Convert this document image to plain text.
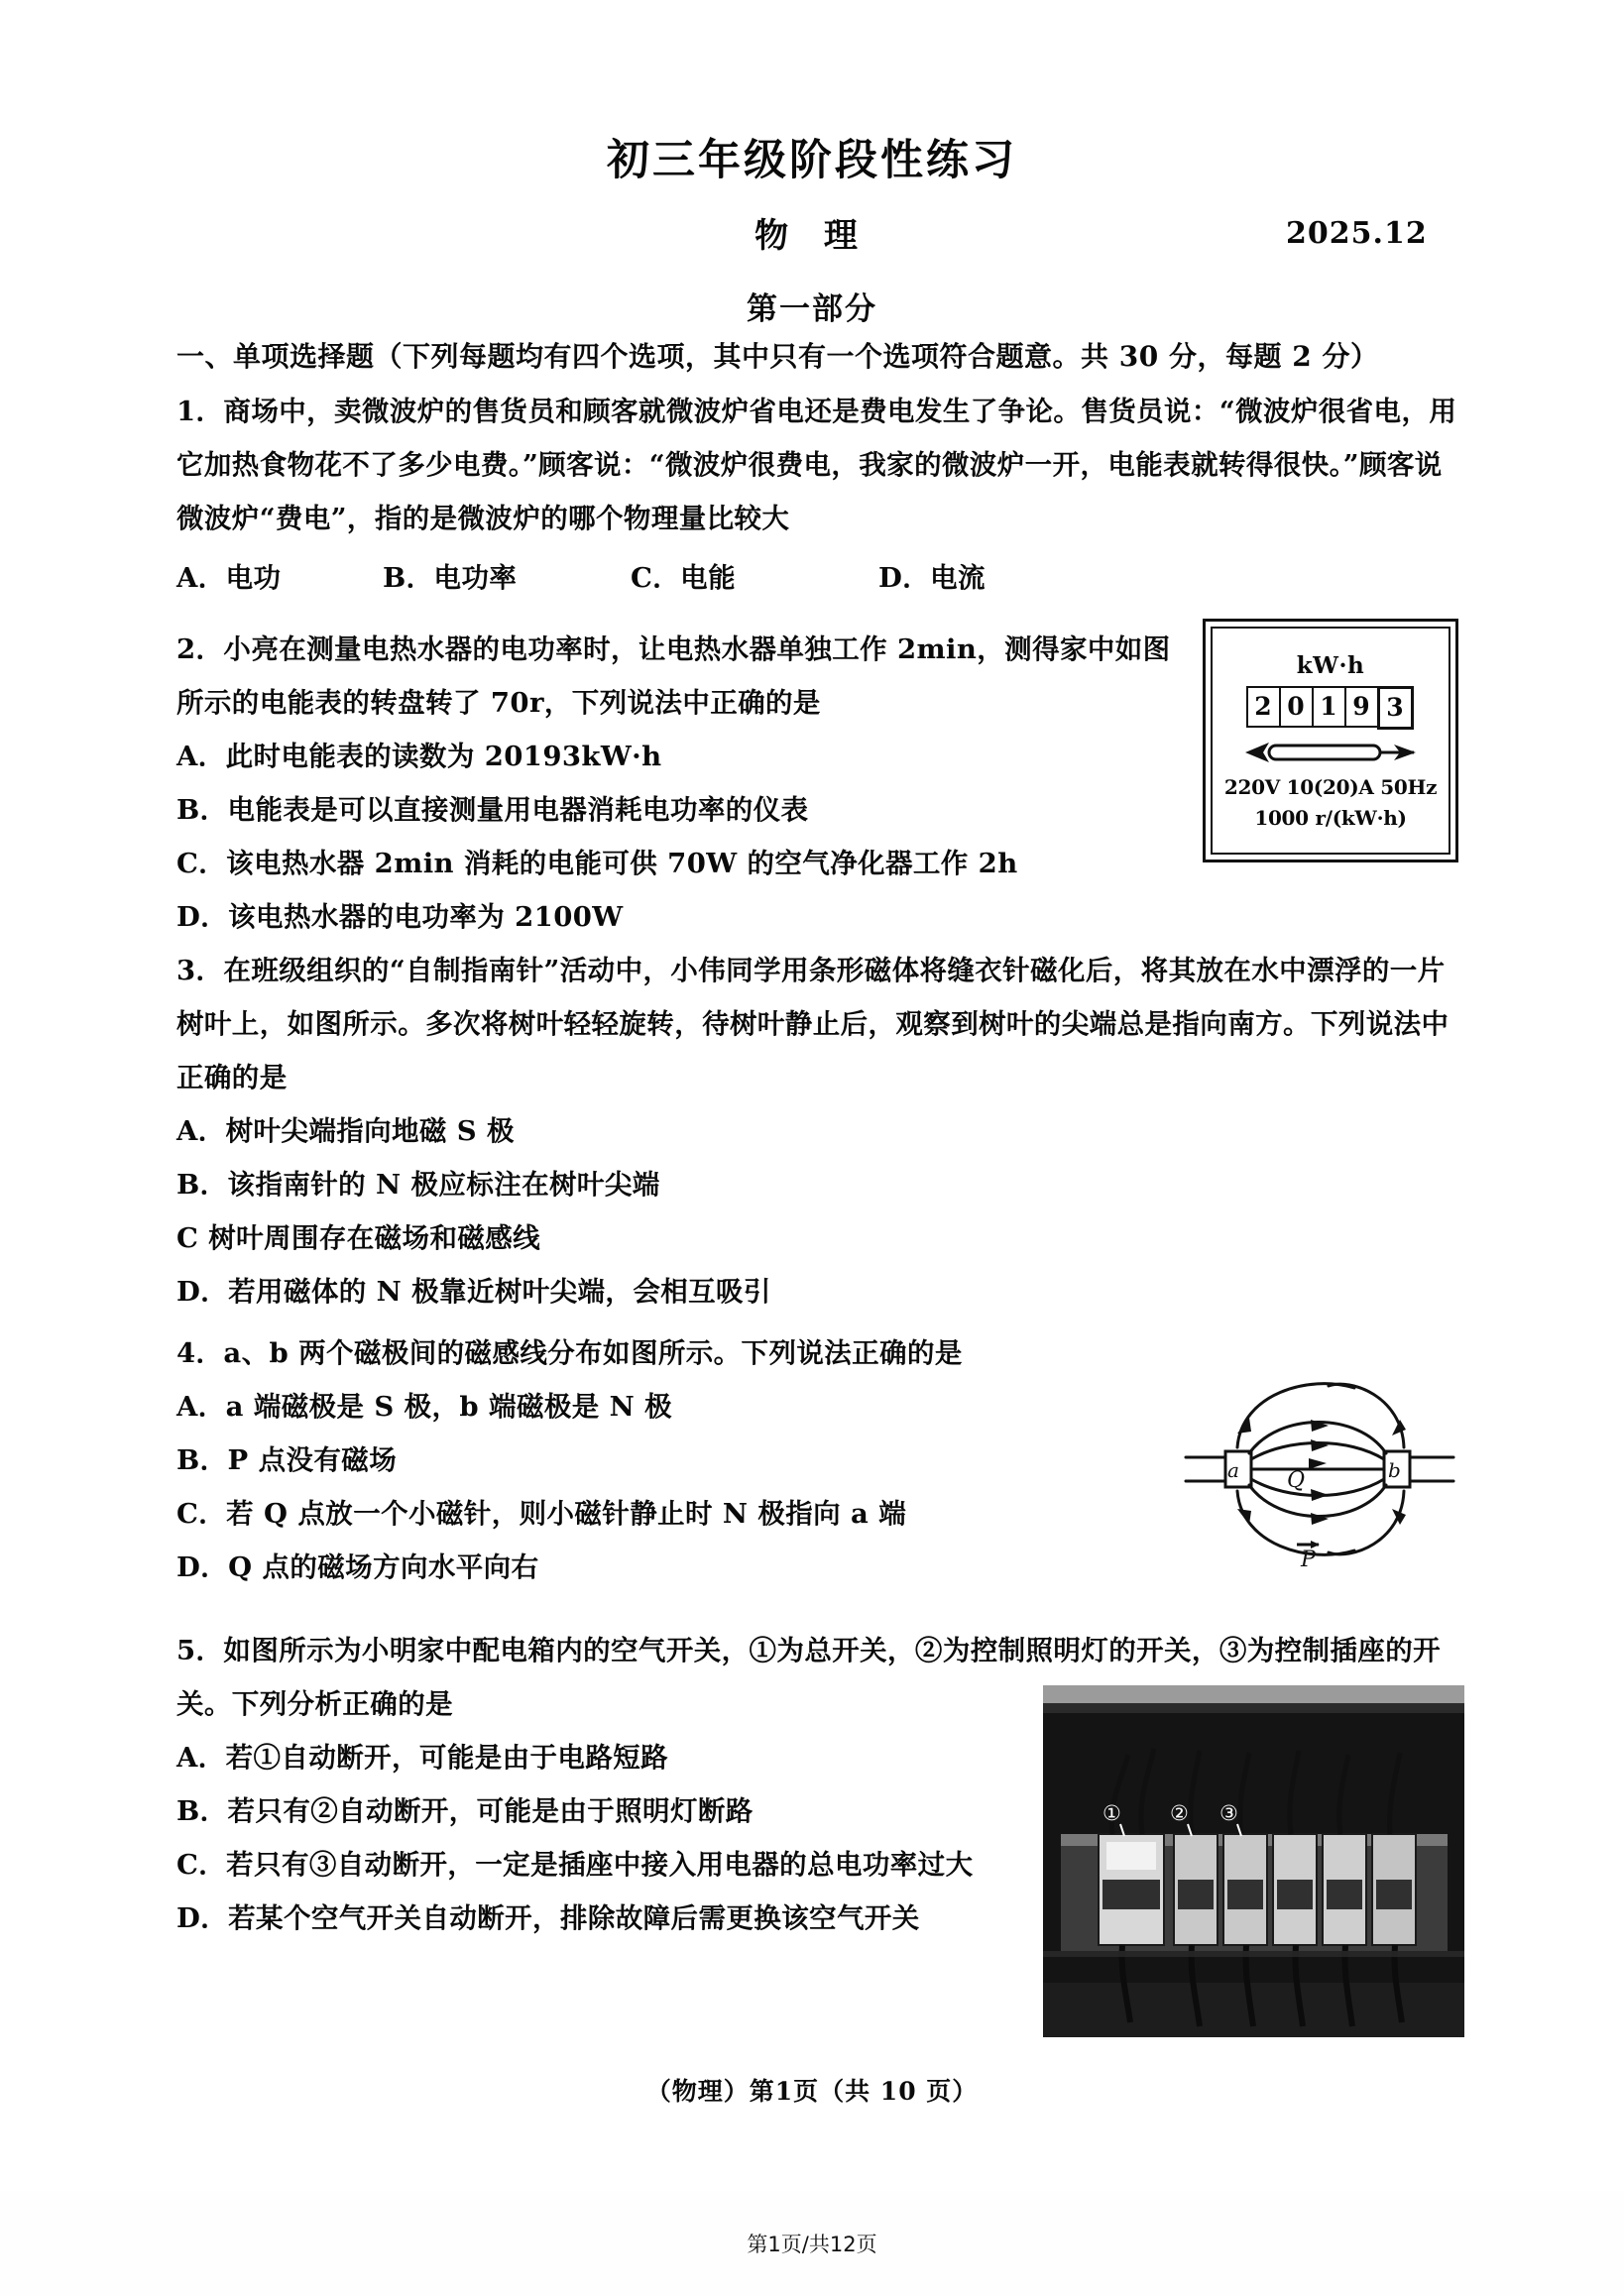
初三年级阶段性练习
物 理	2025.12
第一部分
一、单项选择题（下列每题均有四个选项，其中只有一个选项符合题意。共 30 分，每题 2 分）
1．商场中，卖微波炉的售货员和顾客就微波炉省电还是费电发生了争论。售货员说：“微波炉很省电，用它加热食物花不了多少电费。”顾客说：“微波炉很费电，我家的微波炉一开，电能表就转得很快。”顾客说微波炉“费电”，指的是微波炉的哪个物理量比较大
A．电功	B．电功率	C．电能	D．电流
2．小亮在测量电热水器的电功率时，让电热水器单独工作 2min，测得家中如图所示的电能表的转盘转了 70r，下列说法中正确的是
A．此时电能表的读数为 20193kW·h
B．电能表是可以直接测量用电器消耗电功率的仪表
C．该电热水器 2min 消耗的电能可供 70W 的空气净化器工作 2h
D．该电热水器的电功率为 2100W
kW·h
2 0 1 9 3
220V 10(20)A 50Hz
1000 r/(kW·h)
3．在班级组织的“自制指南针”活动中，小伟同学用条形磁体将缝衣针磁化后，将其放在水中漂浮的一片树叶上，如图所示。多次将树叶轻轻旋转，待树叶静止后，观察到树叶的尖端总是指向南方。下列说法中正确的是
A．树叶尖端指向地磁 S 极
B．该指南针的 N 极应标注在树叶尖端
C 树叶周围存在磁场和磁感线
D．若用磁体的 N 极靠近树叶尖端，会相互吸引
4．a、b 两个磁极间的磁感线分布如图所示。下列说法正确的是
A．a 端磁极是 S 极，b 端磁极是 N 极
B．P 点没有磁场
C．若 Q 点放一个小磁针，则小磁针静止时 N 极指向 a 端
D．Q 点的磁场方向水平向右
a	b
Q
P
5．如图所示为小明家中配电箱内的空气开关，①为总开关，②为控制照明灯的开关，③为控制插座的开关。下列分析正确的是
A．若①自动断开，可能是由于电路短路
B．若只有②自动断开，可能是由于照明灯断路
C．若只有③自动断开，一定是插座中接入用电器的总电功率过大
D．若某个空气开关自动断开，排除故障后需更换该空气开关
① ② ③
（物理）第1页（共 10 页）
第1页/共12页
